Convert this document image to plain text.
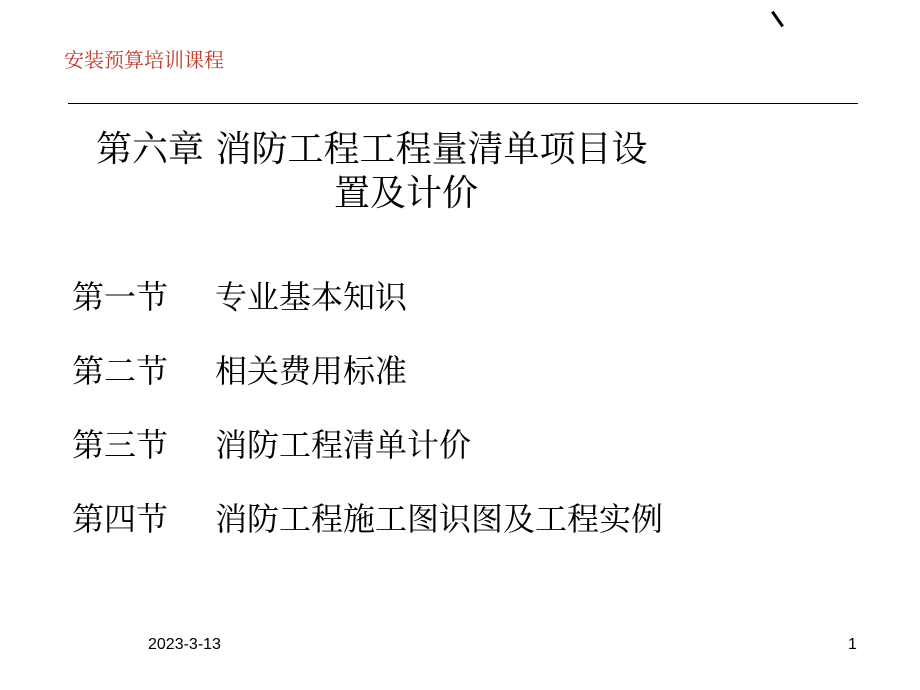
安装预算培训课程
第六章 消防工程工程量清单项目设
置及计价
第一节	专业基本知识
第二节	相关费用标准
第三节	消防工程清单计价
第四节	消防工程施工图识图及工程实例
2023-3-13	1
